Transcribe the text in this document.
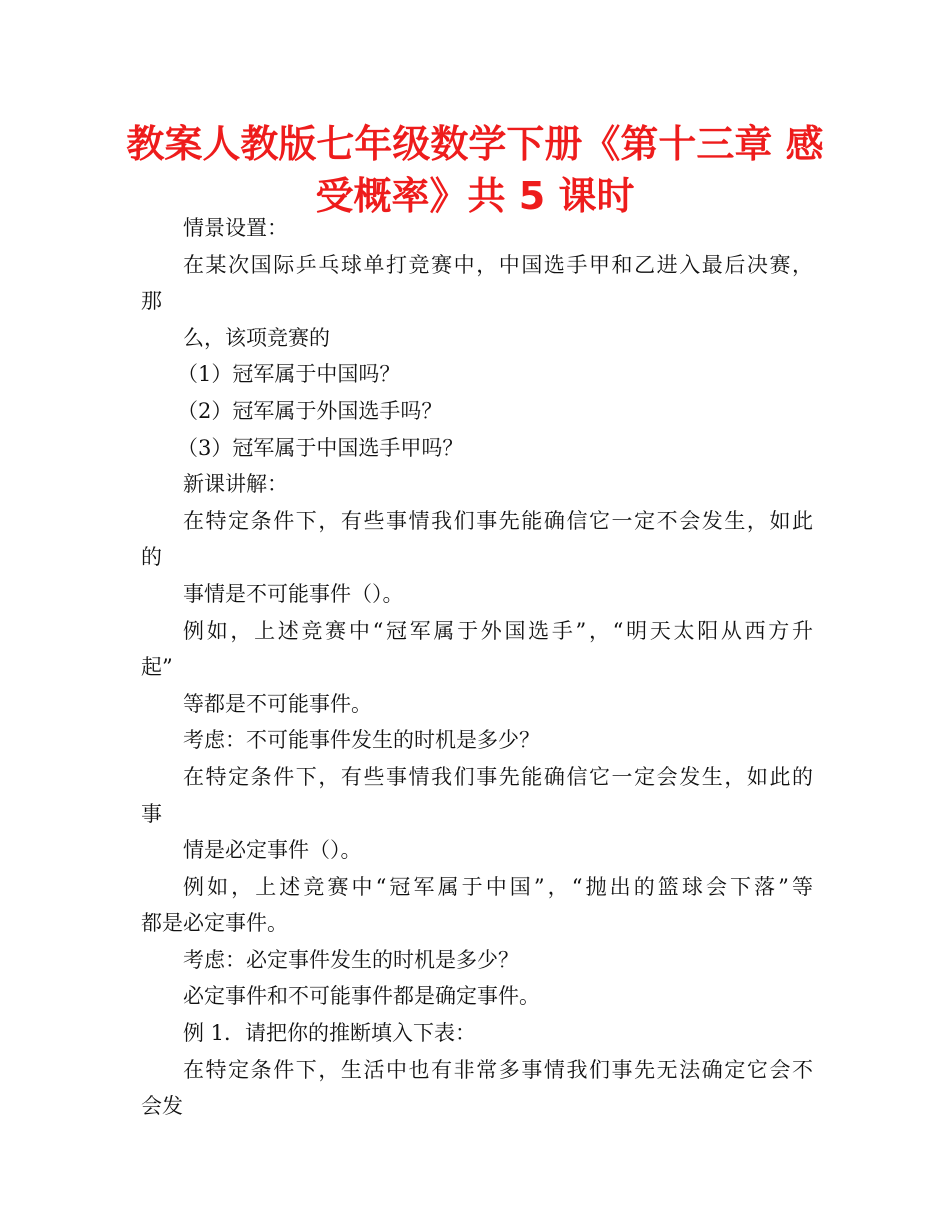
教案人教版七年级数学下册《第十三章 感
受概率》共 5 课时
情景设置：
在某次国际乒乓球单打竞赛中，中国选手甲和乙进入最后决赛，
那
么，该项竞赛的
（1）冠军属于中国吗？
（2）冠军属于外国选手吗？
（3）冠军属于中国选手甲吗？
新课讲解：
在特定条件下，有些事情我们事先能确信它一定不会发生，如此
的
事情是不可能事件（）。
例如，上述竞赛中“冠军属于外国选手”，“明天太阳从西方升
起”
等都是不可能事件。
考虑：不可能事件发生的时机是多少？
在特定条件下，有些事情我们事先能确信它一定会发生，如此的
事
情是必定事件（）。
例如，上述竞赛中“冠军属于中国”，“抛出的篮球会下落”等
都是必定事件。
考虑：必定事件发生的时机是多少？
必定事件和不可能事件都是确定事件。
例 1．请把你的推断填入下表：
在特定条件下，生活中也有非常多事情我们事先无法确定它会不
会发
